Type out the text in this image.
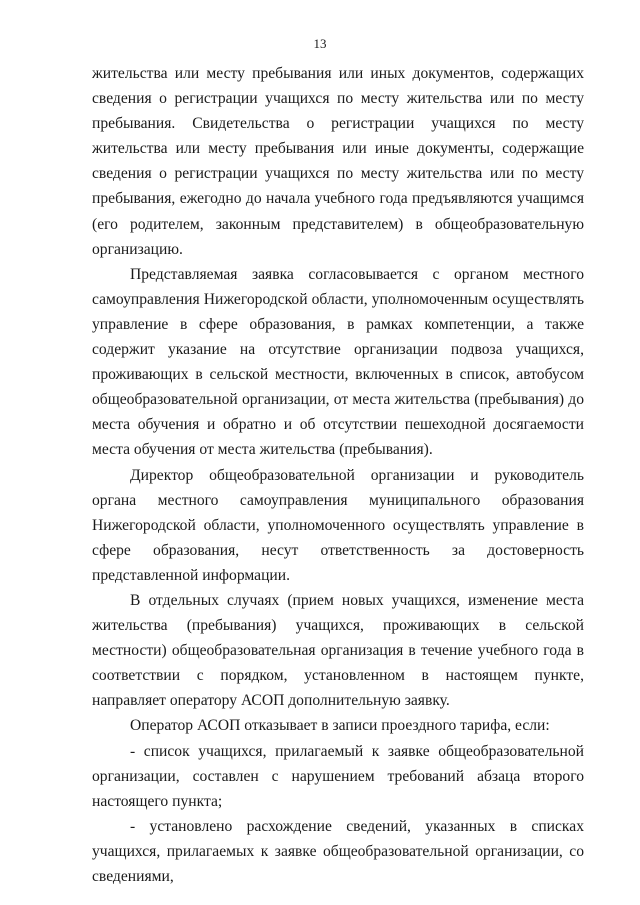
13

жительства или месту пребывания или иных документов, содержащих сведения о регистрации учащихся по месту жительства или по месту пребывания. Свидетельства о регистрации учащихся по месту жительства или месту пребывания или иные документы, содержащие сведения о регистрации учащихся по месту жительства или по месту пребывания, ежегодно до начала учебного года предъявляются учащимся (его родителем, законным представителем) в общеобразовательную организацию.

Представляемая заявка согласовывается с органом местного самоуправления Нижегородской области, уполномоченным осуществлять управление в сфере образования, в рамках компетенции, а также содержит указание на отсутствие организации подвоза учащихся, проживающих в сельской местности, включенных в список, автобусом общеобразовательной организации, от места жительства (пребывания) до места обучения и обратно и об отсутствии пешеходной досягаемости места обучения от места жительства (пребывания).

Директор общеобразовательной организации и руководитель органа местного самоуправления муниципального образования Нижегородской области, уполномоченного осуществлять управление в сфере образования, несут ответственность за достоверность представленной информации.

В отдельных случаях (прием новых учащихся, изменение места жительства (пребывания) учащихся, проживающих в сельской местности) общеобразовательная организация в течение учебного года в соответствии с порядком, установленном в настоящем пункте, направляет оператору АСОП дополнительную заявку.

Оператор АСОП отказывает в записи проездного тарифа, если:

- список учащихся, прилагаемый к заявке общеобразовательной организации, составлен с нарушением требований абзаца второго настоящего пункта;

- установлено расхождение сведений, указанных в списках учащихся, прилагаемых к заявке общеобразовательной организации, со сведениями,
